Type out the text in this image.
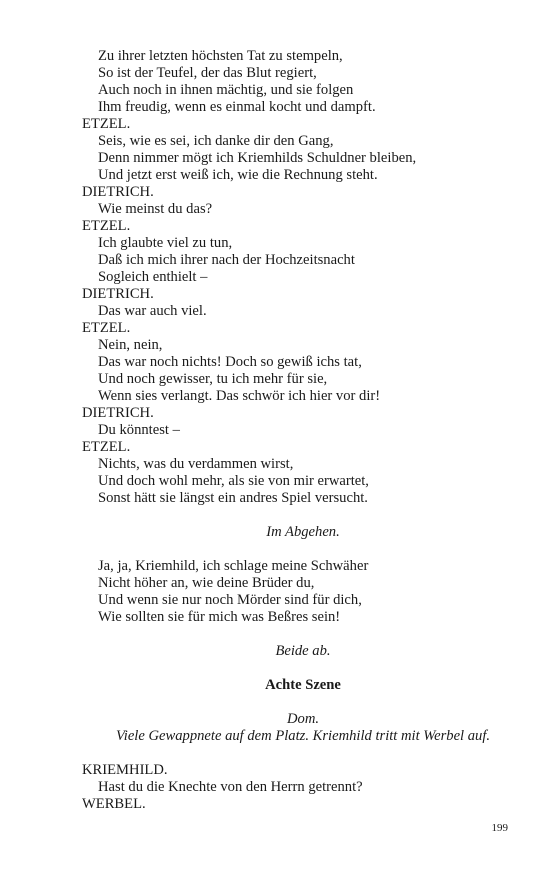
Zu ihrer letzten höchsten Tat zu stempeln,
So ist der Teufel, der das Blut regiert,
Auch noch in ihnen mächtig, und sie folgen
Ihm freudig, wenn es einmal kocht und dampft.
ETZEL.
Seis, wie es sei, ich danke dir den Gang,
Denn nimmer mögt ich Kriemhilds Schuldner bleiben,
Und jetzt erst weiß ich, wie die Rechnung steht.
DIETRICH.
Wie meinst du das?
ETZEL.
Ich glaubte viel zu tun,
Daß ich mich ihrer nach der Hochzeitsnacht
Sogleich enthielt –
DIETRICH.
Das war auch viel.
ETZEL.
Nein, nein,
Das war noch nichts! Doch so gewiß ichs tat,
Und noch gewisser, tu ich mehr für sie,
Wenn sies verlangt. Das schwör ich hier vor dir!
DIETRICH.
Du könntest –
ETZEL.
Nichts, was du verdammen wirst,
Und doch wohl mehr, als sie von mir erwartet,
Sonst hätt sie längst ein andres Spiel versucht.
Im Abgehen.
Ja, ja, Kriemhild, ich schlage meine Schwäher
Nicht höher an, wie deine Brüder du,
Und wenn sie nur noch Mörder sind für dich,
Wie sollten sie für mich was Beßres sein!
Beide ab.
Achte Szene
Dom.
Viele Gewappnete auf dem Platz. Kriemhild tritt mit Werbel auf.
KRIEMHILD.
Hast du die Knechte von den Herrn getrennt?
WERBEL.
199
